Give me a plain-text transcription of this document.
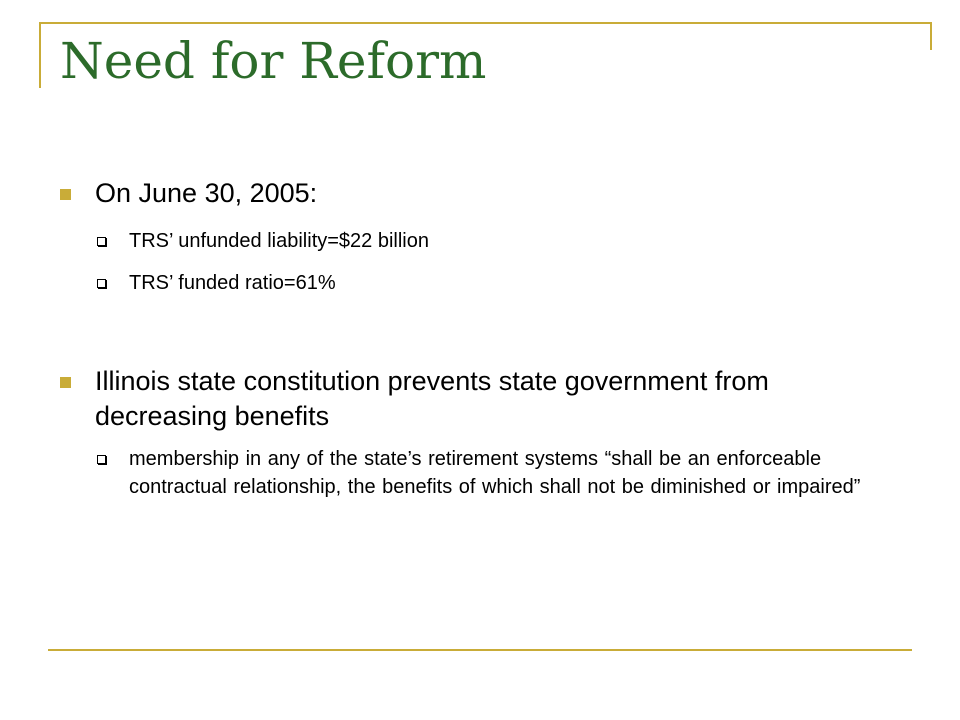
Need for Reform
On June 30, 2005:
TRS’ unfunded liability=$22 billion
TRS’ funded ratio=61%
Illinois state constitution prevents state government from decreasing benefits
membership in any of the state’s retirement systems “shall be an enforceable contractual relationship, the benefits of which shall not be diminished or impaired”
